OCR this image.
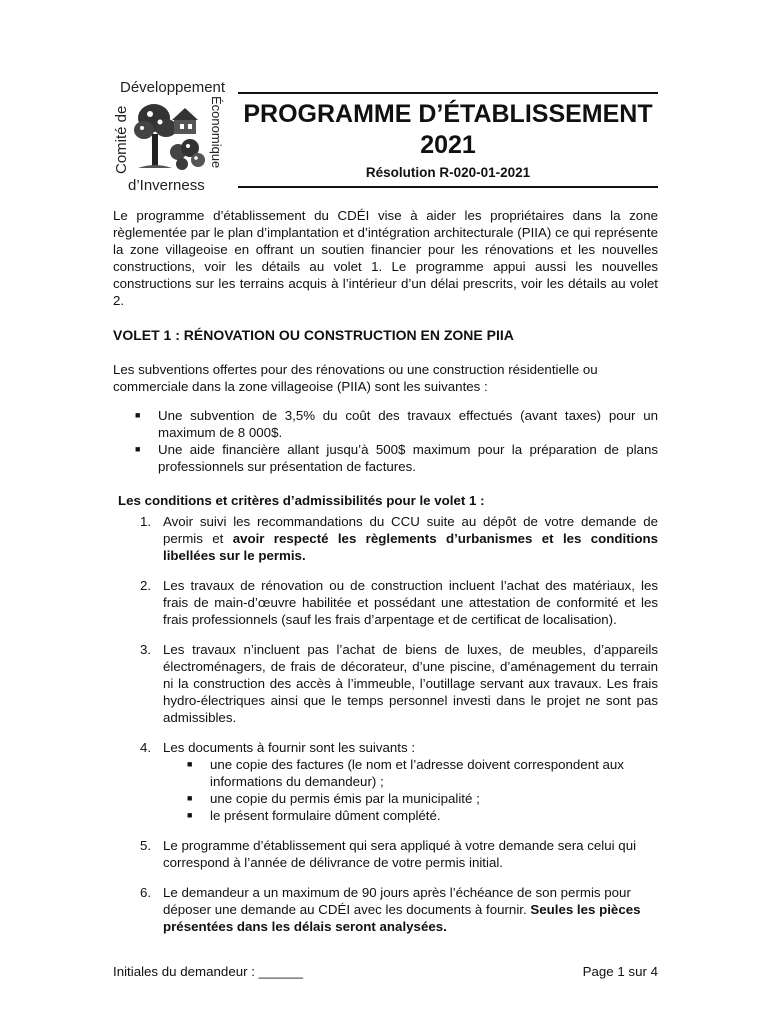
Développement
Comité de	Économique
d’Inverness
PROGRAMME D’ÉTABLISSEMENT
2021
Résolution R-020-01-2021

Le programme d’établissement du CDÉI vise à aider les propriétaires dans la zone règlementée par le plan d’implantation et d’intégration architecturale (PIIA) ce qui représente la zone villageoise en offrant un soutien financier pour les rénovations et les nouvelles constructions, voir les détails au volet 1. Le programme appui aussi les nouvelles constructions sur les terrains acquis à l’intérieur d’un délai prescrits, voir les détails au volet 2.

VOLET 1 : RÉNOVATION OU CONSTRUCTION EN ZONE PIIA

Les subventions offertes pour des rénovations ou une construction résidentielle ou commerciale dans la zone villageoise (PIIA) sont les suivantes :

■ Une subvention de 3,5% du coût des travaux effectués (avant taxes) pour un maximum de 8 000$.
■ Une aide financière allant jusqu’à 500$ maximum pour la préparation de plans professionnels sur présentation de factures.
Les conditions et critères d’admissibilités pour le volet 1 :
1. Avoir suivi les recommandations du CCU suite au dépôt de votre demande de permis et avoir respecté les règlements d’urbanismes et les conditions libellées sur le permis.
2. Les travaux de rénovation ou de construction incluent l’achat des matériaux, les frais de main-d’œuvre habilitée et possédant une attestation de conformité et les frais professionnels (sauf les frais d’arpentage et de certificat de localisation).
3. Les travaux n’incluent pas l’achat de biens de luxes, de meubles, d’appareils électroménagers, de frais de décorateur, d’une piscine, d’aménagement du terrain ni la construction des accès à l’immeuble, l’outillage servant aux travaux. Les frais hydro-électriques ainsi que le temps personnel investi dans le projet ne sont pas admissibles.
4. Les documents à fournir sont les suivants :
■ une copie des factures (le nom et l’adresse doivent correspondent aux informations du demandeur) ;
■ une copie du permis émis par la municipalité ;
■ le présent formulaire dûment complété.
5. Le programme d’établissement qui sera appliqué à votre demande sera celui qui correspond à l’année de délivrance de votre permis initial.
6. Le demandeur a un maximum de 90 jours après l’échéance de son permis pour déposer une demande au CDÉI avec les documents à fournir. Seules les pièces présentées dans les délais seront analysées.
Initiales du demandeur : ______	Page 1 sur 4
